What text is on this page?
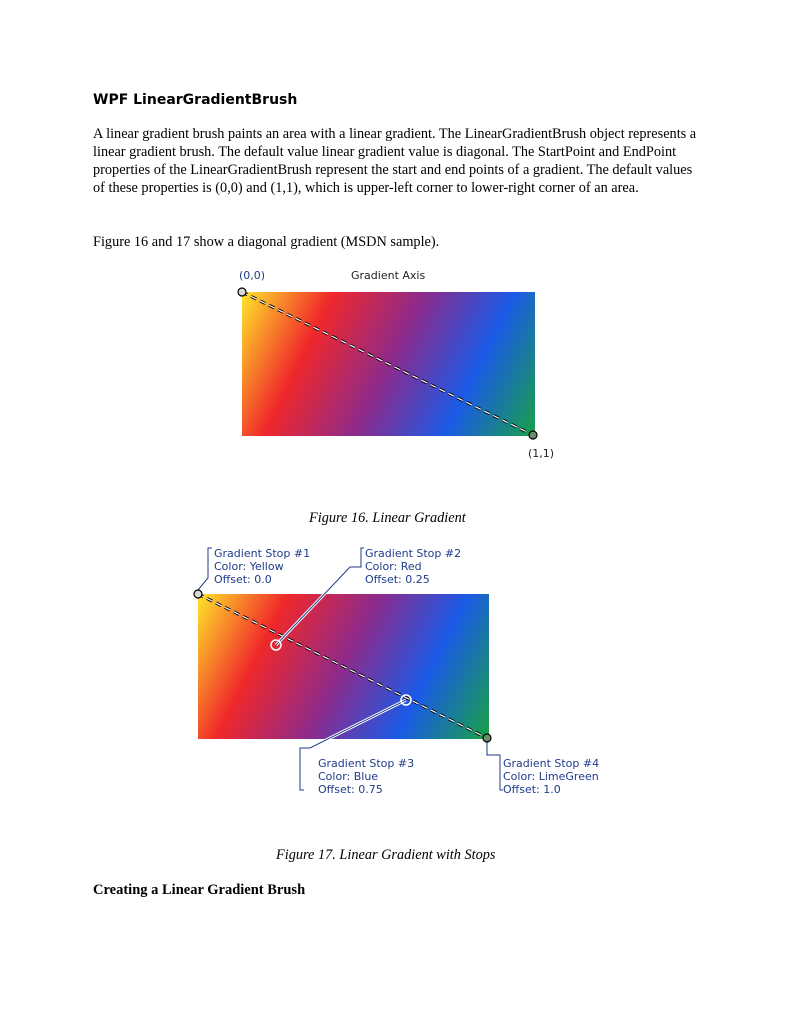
WPF LinearGradientBrush

A linear gradient brush paints an area with a linear gradient. The LinearGradientBrush object represents a linear gradient brush. The default value linear gradient value is diagonal. The StartPoint and EndPoint properties of the LinearGradientBrush represent the start and end points of a gradient. The default values of these properties is (0,0) and (1,1), which is upper-left corner to lower-right corner of an area.

Figure 16 and 17 show a diagonal gradient (MSDN sample).

(0,0)	Gradient Axis
(1,1)

Figure 16. Linear Gradient

Gradient Stop #1
Color: Yellow
Offset: 0.0
Gradient Stop #2
Color: Red
Offset: 0.25
Gradient Stop #3
Color: Blue
Offset: 0.75
Gradient Stop #4
Color: LimeGreen
Offset: 1.0

Figure 17. Linear Gradient with Stops

Creating a Linear Gradient Brush
